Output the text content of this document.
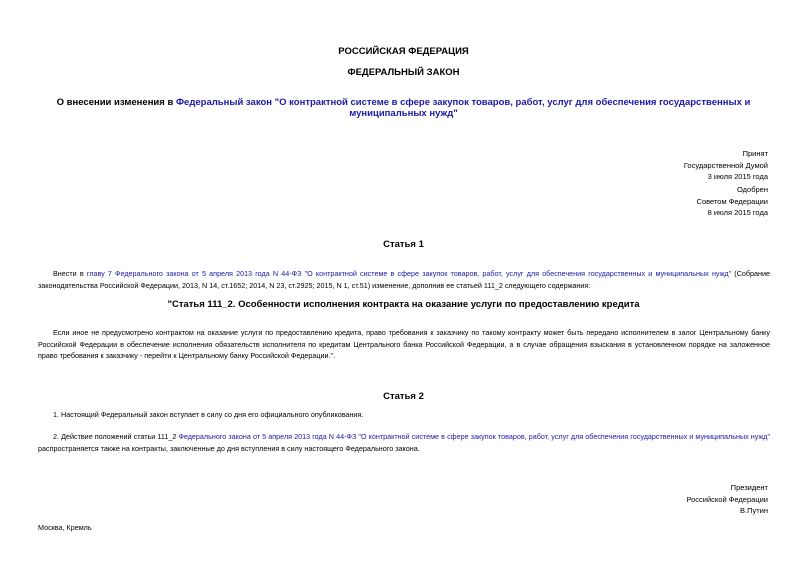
РОССИЙСКАЯ ФЕДЕРАЦИЯ
ФЕДЕРАЛЬНЫЙ ЗАКОН
О внесении изменения в Федеральный закон "О контрактной системе в сфере закупок товаров, работ, услуг для обеспечения государственных и муниципальных нужд"
Принят
Государственной Думой
3 июля 2015 года
Одобрен
Советом Федерации
8 июля 2015 года
Статья 1
Внести в главу 7 Федерального закона от 5 апреля 2013 года N 44-ФЗ "О контрактной системе в сфере закупок товаров, работ, услуг для обеспечения государственных и муниципальных нужд" (Собрание законодательства Российской Федерации, 2013, N 14, ст.1652; 2014, N 23, ст.2925; 2015, N 1, ст.51) изменение, дополнив ее статьей 111_2 следующего содержания:
"Статья 111_2. Особенности исполнения контракта на оказание услуги по предоставлению кредита
Если иное не предусмотрено контрактом на оказание услуги по предоставлению кредита, право требования к заказчику по такому контракту может быть передано исполнителем в залог Центральному банку Российской Федерации в обеспечение исполнения обязательств исполнителя по кредитам Центрального банка Российской Федерации, а в случае обращения взыскания в установленном порядке на заложенное право требования к заказчику - перейти к Центральному банку Российской Федерации.".
Статья 2
1. Настоящий Федеральный закон вступает в силу со дня его официального опубликования.
2. Действие положений статьи 111_2 Федерального закона от 5 апреля 2013 года N 44-ФЗ "О контрактной системе в сфере закупок товаров, работ, услуг для обеспечения государственных и муниципальных нужд" распространяется также на контракты, заключенные до дня вступления в силу настоящего Федерального закона.
Президент
Российской Федерации
В.Путин
Москва, Кремль
